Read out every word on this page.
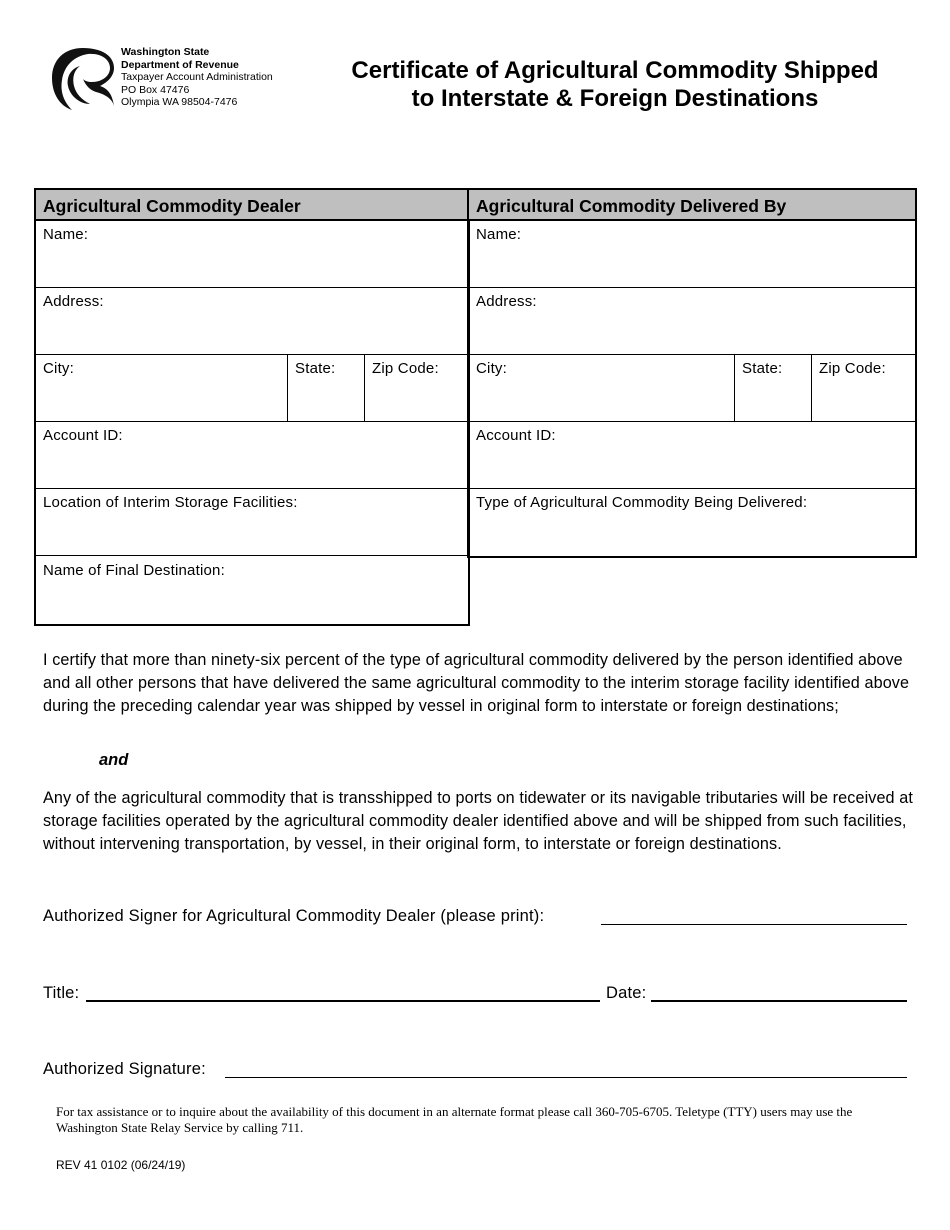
Washington State
Department of Revenue
Taxpayer Account Administration
PO Box 47476
Olympia WA 98504-7476
Certificate of Agricultural Commodity Shipped
to Interstate & Foreign Destinations
Agricultural Commodity Dealer
Name:
Address:
City:	State: Zip Code:
Account ID:
Location of Interim Storage Facilities:
Name of Final Destination:
Agricultural Commodity Delivered By
Name:
Address:
City:	State: Zip Code:
Account ID:
Type of Agricultural Commodity Being Delivered:
I certify that more than ninety-six percent of the type of agricultural commodity delivered by the person identified above and all other persons that have delivered the same agricultural commodity to the interim storage facility identified above during the preceding calendar year was shipped by vessel in original form to interstate or foreign destinations;
and
Any of the agricultural commodity that is transshipped to ports on tidewater or its navigable tributaries will be received at storage facilities operated by the agricultural commodity dealer identified above and will be shipped from such facilities, without intervening transportation, by vessel, in their original form, to interstate or foreign destinations.
Authorized Signer for Agricultural Commodity Dealer (please print):
Title:	Date:
Authorized Signature:
For tax assistance or to inquire about the availability of this document in an alternate format please call 360-705-6705. Teletype (TTY) users may use the Washington State Relay Service by calling 711.
REV 41 0102 (06/24/19)
